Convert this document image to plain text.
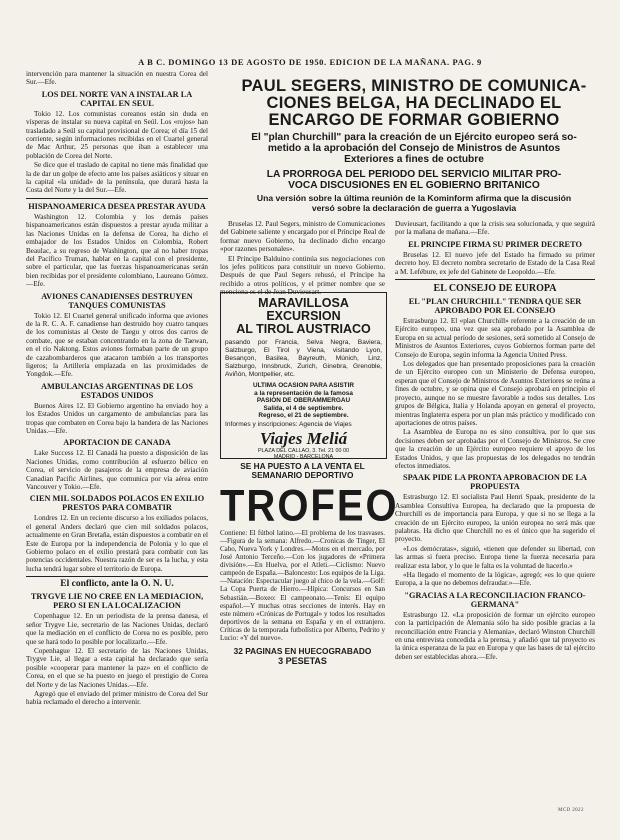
A B C. DOMINGO 13 DE AGOSTO DE 1950. EDICION DE LA MAÑANA. PAG. 9

intervención para mantener la situación en nuestra Corea del Sur.—Efe.

LOS DEL NORTE VAN A INSTALAR LA CAPITAL EN SEUL

Tokio 12. Los comunistas coreanos están sin duda en vísperas de instalar su nueva capital en Seúl. Los «rojos» han trasladado a Seúl su capital provisional de Corea; el día 15 del corriente, según informaciones recibidas en el Cuartel general de Mac Arthur, 25 personas que iban a establecer una población de Corea del Norte.

Se dice que el traslado de capital no tiene más finalidad que la de dar un golpe de efecto ante los países asiáticos y situar en la capital «la unidad» de la península, que durará hasta la Costa del Norte y la del Sur.—Efe.

HISPANOAMERICA DESEA PRESTAR AYUDA

Washington 12. Colombia y los demás países hispanoamericanos están dispuestos a prestar ayuda militar a las Naciones Unidas en la defensa de Corea, ha dicho el embajador de los Estados Unidos en Colombia, Robert Beaulac, a su regreso de Washington, que al no haber tropas del Pacífico Truman, hablar en la capital con el presidente, sobre el particular, que las fuerzas hispanoamericanas serán bien recibidas por el presidente colombiano, Laureano Gómez.—Efe.

AVIONES CANADIENSES DESTRUYEN TANQUES COMUNISTAS

Tokio 12. El Cuartel general unificado informa que aviones de la R. C. A. F. canadiense han destruido hoy cuatro tanques de los comunistas al Oeste de Taegu y otros dos carros de combate, que se estaban concentrando en la zona de Taewan, en el río Naktong. Estos aviones formaban parte de un grupo de cazabombarderos que atacaron también a los transportes ligeros; la Artillería emplazada en las proximidades de Yongdok.—Efe.

AMBULANCIAS ARGENTINAS DE LOS ESTADOS UNIDOS

Buenos Aires 12. El Gobierno argentino ha enviado hoy a los Estados Unidos un cargamento de ambulancias para las tropas que combaten en Corea bajo la bandera de las Naciones Unidas.—Efe.

APORTACION DE CANADA

Lake Success 12. El Canadá ha puesto a disposición de las Naciones Unidas, como contribución al esfuerzo bélico en Corea, el servicio de pasajeros de la empresa de aviación Canadian Pacific Airlines, que comunica por vía aérea entre Vancouver y Tokio.—Efe.

CIEN MIL SOLDADOS POLACOS EN EXILIO PRESTOS PARA COMBATIR

Londres 12. En un reciente discurso a los exiliados polacos, el general Anders declaró que cien mil soldados polacos, actualmente en Gran Bretaña, están dispuestos a combatir en el Este de Europa por la independencia de Polonia y lo que el Gobierno polaco en el exilio prestará para combatir con las potencias occidentales. Nuestra razón de ser es la lucha, y esta lucha tendrá lugar sobre el territorio de Europa.

El conflicto, ante la O. N. U.
TRYGVE LIE NO CREE EN LA MEDIACION, PERO SI EN LA LOCALIZACION

Copenhague 12. En un periodista de la prensa danesa, el señor Trygve Lie, secretario de las Naciones Unidas, declaró que la mediación en el conflicto de Corea no es posible, pero que se hará todo lo posible por localizarlo.—Efe.

Copenhague 12. El secretario de las Naciones Unidas, Trygve Lie, al llegar a esta capital ha declarado que sería posible «cooperar para mantener la paz» en el conflicto de Corea, en el que se ha puesto en juego el prestigio de Corea del Norte y de las Naciones Unidas.—Efe.

Agregó que el enviado del primer ministro de Corea del Sur había reclamado el derecho a intervenir.

PAUL SEGERS, MINISTRO DE COMUNICA-
CIONES BELGA, HA DECLINADO EL
ENCARGO DE FORMAR GOBIERNO
El "plan Churchill" para la creación de un Ejército europeo será so-
metido a la aprobación del Consejo de Ministros de Asuntos
Exteriores a fines de octubre
LA PRORROGA DEL PERIODO DEL SERVICIO MILITAR PRO-
VOCA DISCUSIONES EN EL GOBIERNO BRITANICO
Una versión sobre la última reunión de la Kominform afirma que la discusión
versó sobre la declaración de guerra a Yugoslavia

Bruselas 12. Paul Segers, ministro de Comunicaciones del Gabinete saliente y encargado por el Príncipe Real de formar nuevo Gobierno, ha declinado dicho encargo «por razones personales».

El Príncipe Balduino continúa sus negociaciones con los jefes políticos para constituir un nuevo Gobierno. Después de que Paul Segers rehusó, el Príncipe ha recibido a otros políticos, y el primer nombre que se menciona es el de Jean Duvieusart.

MARAVILLOSA EXCURSION
AL TIROL AUSTRIACO
pasando por Francia, Selva Negra, Baviera, Salzburgo, El Tirol y Viena, visitando Lyon, Besançon, Basilea, Bayreuth, Múnich, Linz, Salzburgo, Innsbruck, Zurich, Ginebra, Grenoble, Aviñón, Montpellier, etc.
ULTIMA OCASION PARA ASISTIR
a la representación de la famosa
PASION DE OBERAMMERGAU
Salida, el 4 de septiembre.
Regreso, el 21 de septiembre.
Informes y inscripciones: Agencia de Viajes
Viajes Meliá
PLAZA DEL CALLAO, 3. Tel. 21 00 00
MADRID - BARCELONA
SE HA PUESTO A LA VENTA EL
SEMANARIO DEPORTIVO
TROFEO
Contiene: El fútbol latino.—El problema de los trasvases.—Figura de la semana: Alfredo.—Cronicas de Tinger, El Cabo, Nueva York y Londres.—Motos en el mercado, por José Antonio Terceño.—Con los jugadores de «Primera división».—En Huelva, por el Atleti.—Ciclismo: Nuevo campeón de España.—Baloncesto: Los equipos de la Liga.—Natación: Espectacular juego al chico de la vela.—Golf: La Copa Puerta de Hierro.—Hípica: Concursos en San Sebastián.—Boxeo: El campeonato.—Tenis: El equipo español.—Y muchas otras secciones de interés. Hay en este número «Crónicas de Portugal» y todos los resultados deportivos de la semana en España y en el extranjero. Críticas de la temporada futbolística por Alberto, Pedrito y Lucio: «Y del nuevo».
32 PAGINAS EN HUECOGRABADO
3 PESETAS

Duvieusart, facilitando a que la crisis sea solucionada, y que seguirá por la mañana de mañana.—Efe.

EL PRINCIPE FIRMA SU PRIMER DECRETO

Bruselas 12. El nuevo jefe del Estado ha firmado su primer decreto hoy. El decreto nombra secretario de Estado de la Casa Real a M. Lefébure, ex jefe del Gabinete de Leopoldo.—Efe.

EL CONSEJO DE EUROPA
EL "PLAN CHURCHILL" TENDRA QUE SER APROBADO POR EL CONSEJO

Estrasburgo 12. El «plan Churchill» referente a la creación de un Ejército europeo, una vez que sea aprobado por la Asamblea de Europa en su actual período de sesiones, será sometido al Consejo de Ministros de Asuntos Exteriores, cuyos Gobiernos forman parte del Consejo de Europa, según informa la Agencia United Press.

Los delegados que han presentado proposiciones para la creación de un Ejército europeo con un Ministerio de Defensa europeo, esperan que el Consejo de Ministros de Asuntos Exteriores se reúna a fines de octubre, y se opina que el Consejo aprobará en principio el proyecto, aunque no se muestre favorable a todos sus detalles. Los grupos de Bélgica, Italia y Holanda apoyan en general el proyecto, mientras Inglaterra espera por un plan más práctico y modificado con aportaciones de otros países.

La Asamblea de Europa no es sino consultiva, por lo que sus decisiones deben ser aprobadas por el Consejo de Ministros. Se cree que la creación de un Ejército europeo requiere el apoyo de los Estados Unidos, y que las propuestas de los delegados no tendrán efectos inmediatos.

SPAAK PIDE LA PRONTA APROBACION DE LA PROPUESTA

Estrasburgo 12. El socialista Paul Henri Spaak, presidente de la Asamblea Consultiva Europea, ha declarado que la propuesta de Churchill es de importancia para Europa, y que si no se llega a la creación de un Ejército europeo, la unión europea no será más que palabras. Ha dicho que Churchill no es el único que ha sugerido el proyecto.

«Los demócratas», siguió, «tienen que defender su libertad, con las armas si fuera preciso. Europa tiene la fuerza necesaria para realizar esta labor, y lo que le falta es la voluntad de hacerlo.»

«Ha llegado el momento de la lógica», agregó; «es lo que quiere Europa, a la que no debemos defraudar.»—Efe.

"GRACIAS A LA RECONCILIACION FRANCO-GERMANA"

Estrasburgo 12. «La proposición de formar un ejército europeo con la participación de Alemania sólo ha sido posible gracias a la reconciliación entre Francia y Alemania», declaró Winston Churchill en una entrevista concedida a la prensa, y añadió que tal proyecto es la única esperanza de la paz en Europa y que las bases de tal ejército deben ser establecidas ahora.—Efe.

MCD 2022
